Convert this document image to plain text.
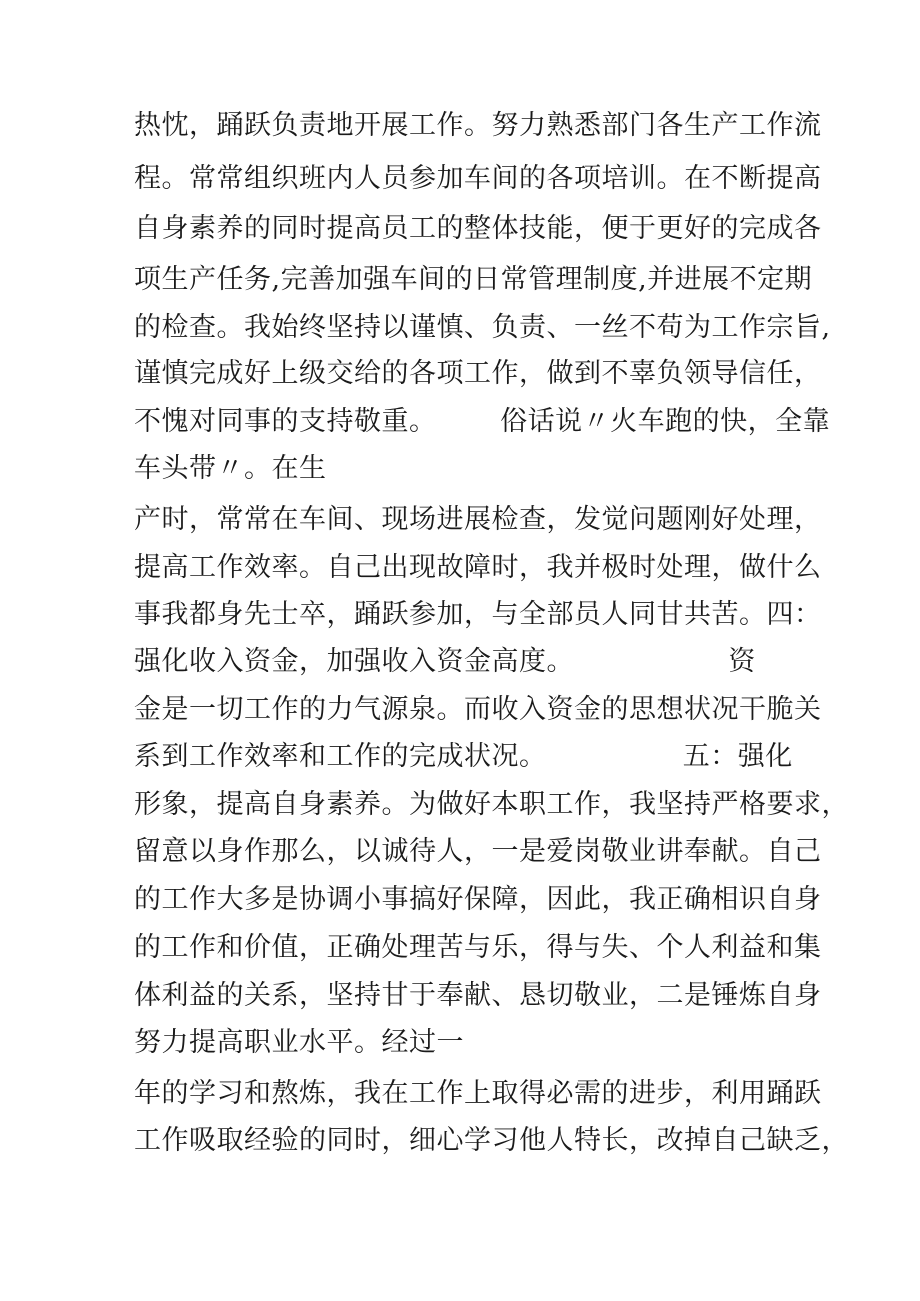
热忱，踊跃负责地开展工作。努力熟悉部门各生产工作流

程。常常组织班内人员参加车间的各项培训。在不断提高

自身素养的同时提高员工的整体技能，便于更好的完成各

项生产任务,完善加强车间的日常管理制度,并进展不定期

的检查。我始终坚持以谨慎、负责、一丝不苟为工作宗旨,

谨慎完成好上级交给的各项工作，做到不辜负领导信任，

不愧对同事的支持敬重。       俗话说〃火车跑的快，全靠

车头带〃。在生

产时，常常在车间、现场进展检查，发觉问题刚好处理，

提高工作效率。自己出现故障时，我并极时处理，做什么

事我都身先士卒，踊跃参加，与全部员人同甘共苦。四：

强化收入资金，加强收入资金高度。                 资

金是一切工作的力气源泉。而收入资金的思想状况干脆关

系到工作效率和工作的完成状况。               五：强化

形象，提高自身素养。为做好本职工作，我坚持严格要求，

留意以身作那么，以诚待人，一是爱岗敬业讲奉献。自己

的工作大多是协调小事搞好保障，因此，我正确相识自身

的工作和价值，正确处理苦与乐，得与失、个人利益和集

体利益的关系，坚持甘于奉献、恳切敬业，二是锤炼自身

努力提高职业水平。经过一

年的学习和熬炼，我在工作上取得必需的进步，利用踊跃

工作吸取经验的同时，细心学习他人特长，改掉自己缺乏，
